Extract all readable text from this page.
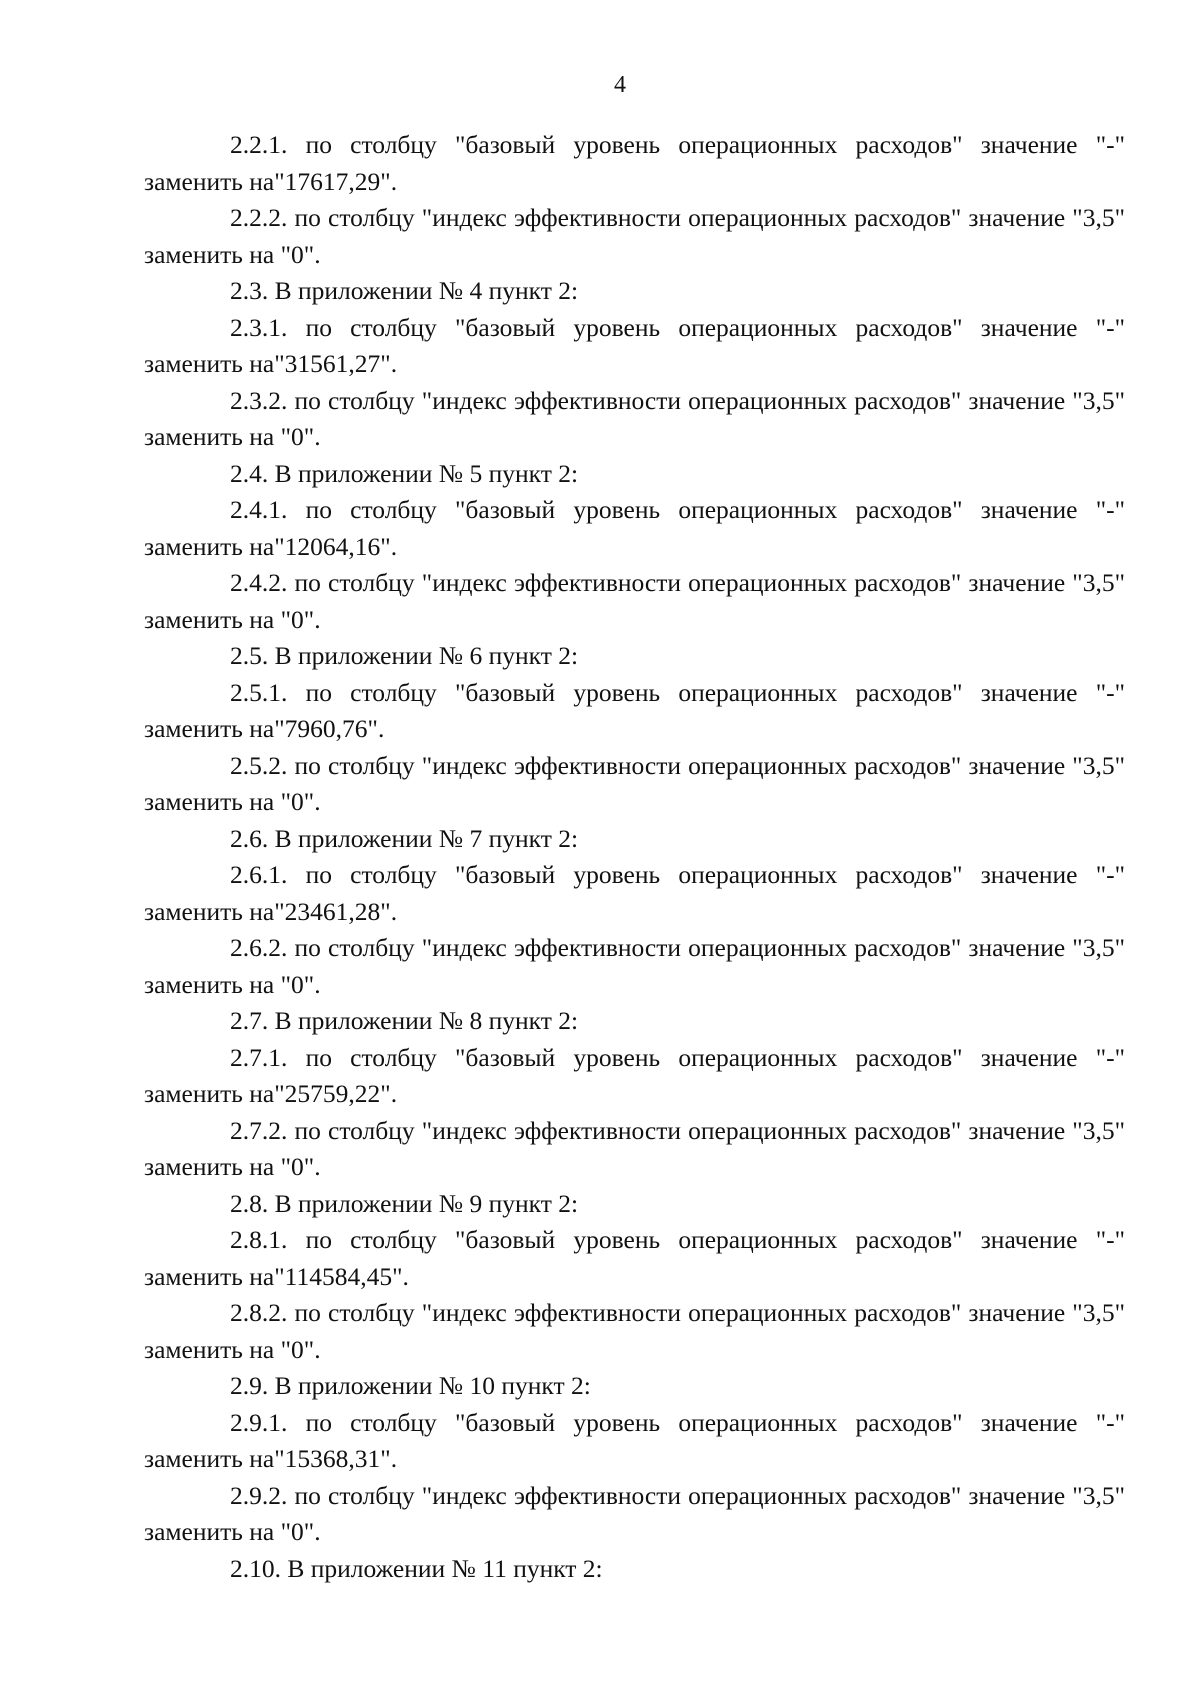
4

2.2.1. по столбцу "базовый уровень операционных расходов" значение "-" заменить на"17617,29".

2.2.2. по столбцу "индекс эффективности операционных расходов" значение "3,5" заменить на "0".

2.3. В приложении № 4 пункт 2:

2.3.1. по столбцу "базовый уровень операционных расходов" значение "-" заменить на"31561,27".

2.3.2. по столбцу "индекс эффективности операционных расходов" значение "3,5" заменить на "0".

2.4. В приложении № 5 пункт 2:

2.4.1. по столбцу "базовый уровень операционных расходов" значение "-" заменить на"12064,16".

2.4.2. по столбцу "индекс эффективности операционных расходов" значение "3,5" заменить на "0".

2.5. В приложении № 6 пункт 2:

2.5.1. по столбцу "базовый уровень операционных расходов" значение "-" заменить на"7960,76".

2.5.2. по столбцу "индекс эффективности операционных расходов" значение "3,5" заменить на "0".

2.6. В приложении № 7 пункт 2:

2.6.1. по столбцу "базовый уровень операционных расходов" значение "-" заменить на"23461,28".

2.6.2. по столбцу "индекс эффективности операционных расходов" значение "3,5" заменить на "0".

2.7. В приложении № 8 пункт 2:

2.7.1. по столбцу "базовый уровень операционных расходов" значение "-" заменить на"25759,22".

2.7.2. по столбцу "индекс эффективности операционных расходов" значение "3,5" заменить на "0".

2.8. В приложении № 9 пункт 2:

2.8.1. по столбцу "базовый уровень операционных расходов" значение "-" заменить на"114584,45".

2.8.2. по столбцу "индекс эффективности операционных расходов" значение "3,5" заменить на "0".

2.9. В приложении № 10 пункт 2:

2.9.1. по столбцу "базовый уровень операционных расходов" значение "-" заменить на"15368,31".

2.9.2. по столбцу "индекс эффективности операционных расходов" значение "3,5" заменить на "0".

2.10. В приложении № 11 пункт 2:
